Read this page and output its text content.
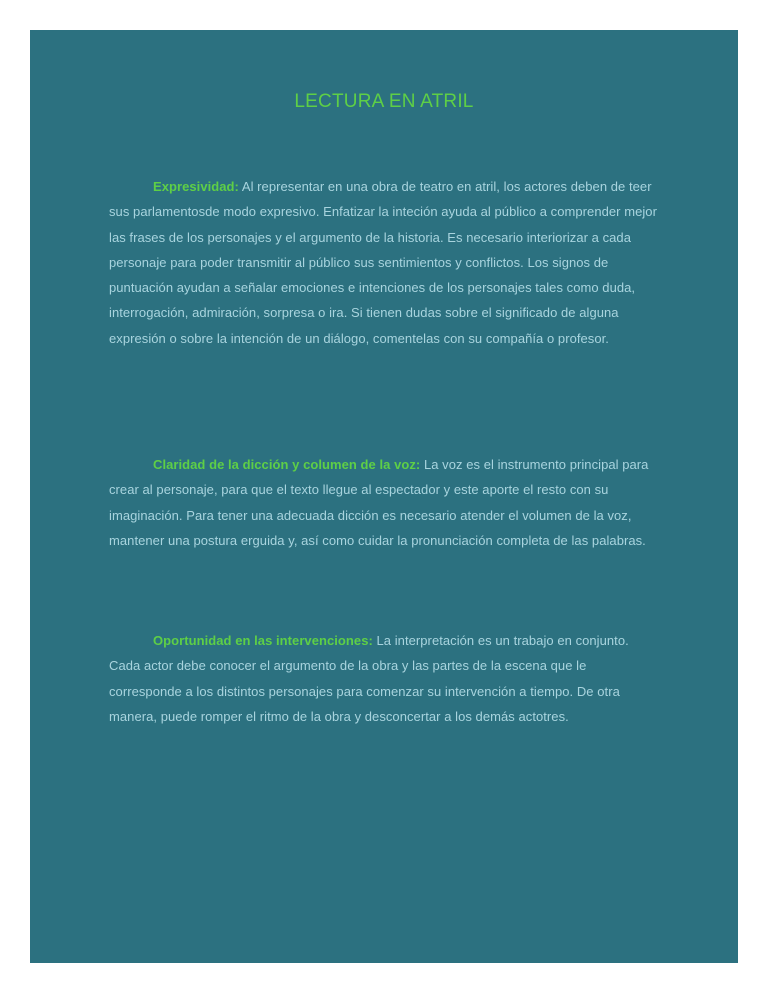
LECTURA EN ATRIL

Expresividad: Al representar en una obra de teatro en atril, los actores deben de teer sus parlamentosde modo expresivo. Enfatizar la inteción ayuda al público a comprender mejor las frases de los personajes y el argumento de la historia. Es necesario interiorizar a cada personaje para poder transmitir al público sus sentimientos y conflictos. Los signos de puntuación ayudan a señalar emociones e intenciones de los personajes tales como duda, interrogación, admiración, sorpresa o ira. Si tienen dudas sobre el significado de alguna expresión o sobre la intención de un diálogo, comentelas con su compañía o profesor.

Claridad de la dicción y columen de la voz: La voz es el instrumento principal para crear al personaje, para que el texto llegue al espectador y este aporte el resto con su imaginación. Para tener una adecuada dicción es necesario atender el volumen de la voz, mantener una postura erguida y, así como cuidar la pronunciación completa de las palabras.

Oportunidad en las intervenciones: La interpretación es un trabajo en conjunto. Cada actor debe conocer el argumento de la obra y las partes de la escena que le corresponde a los distintos personajes para comenzar su intervención a tiempo. De otra manera, puede romper el ritmo de la obra y desconcertar a los demás actotres.
